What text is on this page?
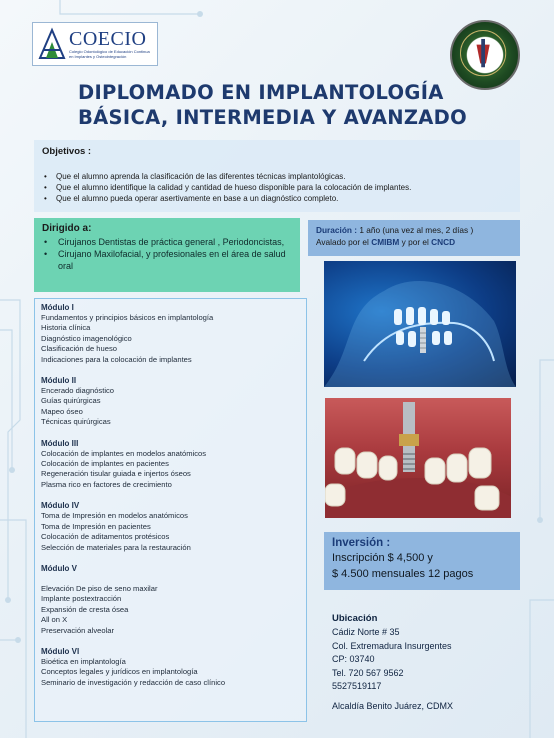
COECIO
Colegio Odontológico de Educación Continua
en Implantes y Osteointegración
DIPLOMADO EN IMPLANTOLOGÍA
BÁSICA, INTERMEDIA Y AVANZADO
Objetivos :
• Que el alumno aprenda la clasificación de las diferentes técnicas implantológicas.
• Que el alumno identifique la calidad y cantidad de hueso disponible para la colocación de implantes.
• Que el alumno pueda operar asertivamente en base a un diagnóstico completo.
Dirigido a:
• Cirujanos Dentistas de práctica general , Periodoncistas,
• Cirujano Maxilofacial, y profesionales en el área de salud oral
Duración : 1 año (una vez al mes, 2 días )
Avalado por el CMIBM y por el CNCD
Módulo I

Fundamentos y principios básicos en implantología

Historia clínica

Diagnóstico imagenológico

Clasificación de hueso

Indicaciones para la colocación de implantes

Módulo II

Encerado diagnóstico

Guías quirúrgicas

Mapeo óseo

Técnicas quirúrgicas

Módulo III

Colocación de implantes en modelos anatómicos

Colocación de implantes en pacientes

Regeneración tisular guiada e injertos óseos

Plasma rico en factores de crecimiento

Módulo IV

Toma de Impresión en modelos anatómicos

Toma de Impresión en pacientes

Colocación de aditamentos protésicos

Selección de materiales para la restauración

Módulo V

Elevación De piso de seno maxilar

Implante postextracción

Expansión de cresta ósea

All on X

Preservación alveolar

Módulo VI

Bioética en implantología

Conceptos legales y jurídicos en implantología

Seminario de investigación y redacción de caso clínico

Inversión :

Inscripción $ 4,500 y

$ 4.500 mensuales 12 pagos

Ubicación

Cádiz Norte # 35

Col. Extremadura Insurgentes

CP: 03740

Tel. 720 567 9562

5527519117

Alcaldía Benito Juárez, CDMX
